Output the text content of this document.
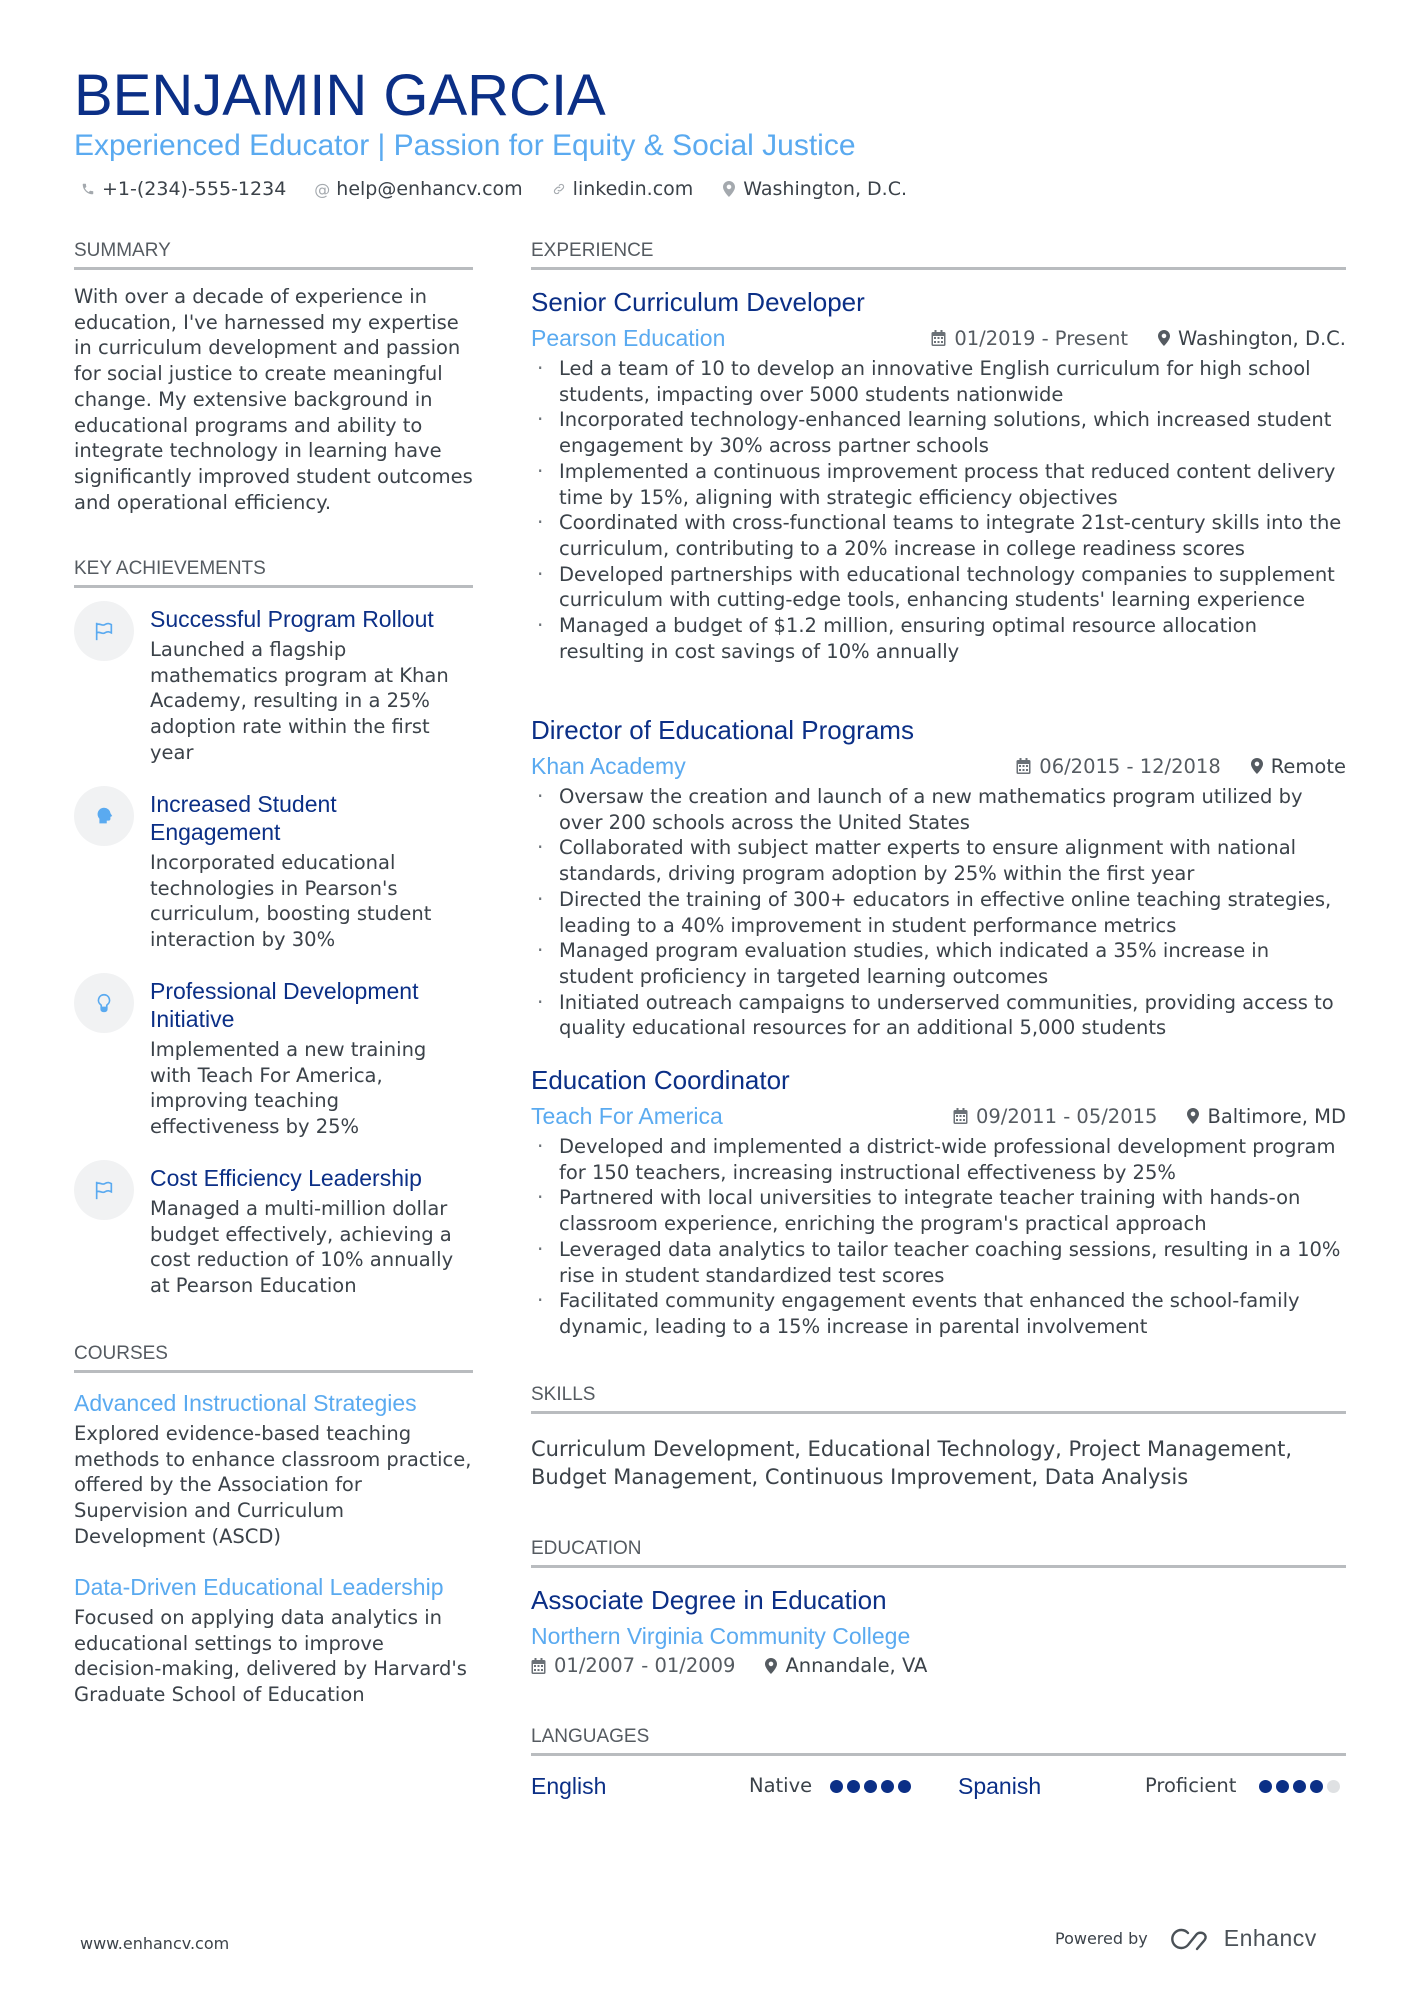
BENJAMIN GARCIA
Experienced Educator | Passion for Equity & Social Justice
+1-(234)-555-1234 @ help@enhancv.com	linkedin.com	Washington, D.C.
SUMMARY
With over a decade of experience in education, I've harnessed my expertise in curriculum development and passion for social justice to create meaningful change. My extensive background in educational programs and ability to integrate technology in learning have significantly improved student outcomes and operational efficiency.
KEY ACHIEVEMENTS
Successful Program Rollout
Launched a flagship mathematics program at Khan Academy, resulting in a 25% adoption rate within the first year
Increased Student Engagement
Incorporated educational technologies in Pearson's curriculum, boosting student interaction by 30%
Professional Development Initiative
Implemented a new training with Teach For America, improving teaching effectiveness by 25%
Cost Efficiency Leadership
Managed a multi-million dollar budget effectively, achieving a cost reduction of 10% annually at Pearson Education
COURSES
Advanced Instructional Strategies
Explored evidence-based teaching methods to enhance classroom practice, offered by the Association for Supervision and Curriculum Development (ASCD)
Data-Driven Educational Leadership
Focused on applying data analytics in educational settings to improve decision-making, delivered by Harvard's Graduate School of Education
EXPERIENCE
Senior Curriculum Developer
Pearson Education	01/2019 - Present	Washington, D.C.
· Led a team of 10 to develop an innovative English curriculum for high school students, impacting over 5000 students nationwide
· Incorporated technology-enhanced learning solutions, which increased student engagement by 30% across partner schools
· Implemented a continuous improvement process that reduced content delivery time by 15%, aligning with strategic efficiency objectives
· Coordinated with cross-functional teams to integrate 21st-century skills into the curriculum, contributing to a 20% increase in college readiness scores
· Developed partnerships with educational technology companies to supplement curriculum with cutting-edge tools, enhancing students' learning experience
· Managed a budget of $1.2 million, ensuring optimal resource allocation resulting in cost savings of 10% annually
Director of Educational Programs
Khan Academy	06/2015 - 12/2018	Remote
· Oversaw the creation and launch of a new mathematics program utilized by over 200 schools across the United States
· Collaborated with subject matter experts to ensure alignment with national standards, driving program adoption by 25% within the first year
· Directed the training of 300+ educators in effective online teaching strategies, leading to a 40% improvement in student performance metrics
· Managed program evaluation studies, which indicated a 35% increase in student proficiency in targeted learning outcomes
· Initiated outreach campaigns to underserved communities, providing access to quality educational resources for an additional 5,000 students
Education Coordinator
Teach For America	09/2011 - 05/2015	Baltimore, MD
· Developed and implemented a district-wide professional development program for 150 teachers, increasing instructional effectiveness by 25%
· Partnered with local universities to integrate teacher training with hands-on classroom experience, enriching the program's practical approach
· Leveraged data analytics to tailor teacher coaching sessions, resulting in a 10% rise in student standardized test scores
· Facilitated community engagement events that enhanced the school-family dynamic, leading to a 15% increase in parental involvement
SKILLS
Curriculum Development, Educational Technology, Project Management, Budget Management, Continuous Improvement, Data Analysis
EDUCATION
Associate Degree in Education
Northern Virginia Community College
01/2007 - 01/2009	Annandale, VA
LANGUAGES
English	Native	Spanish	Proficient
www.enhancv.com	Powered by	Enhancv
